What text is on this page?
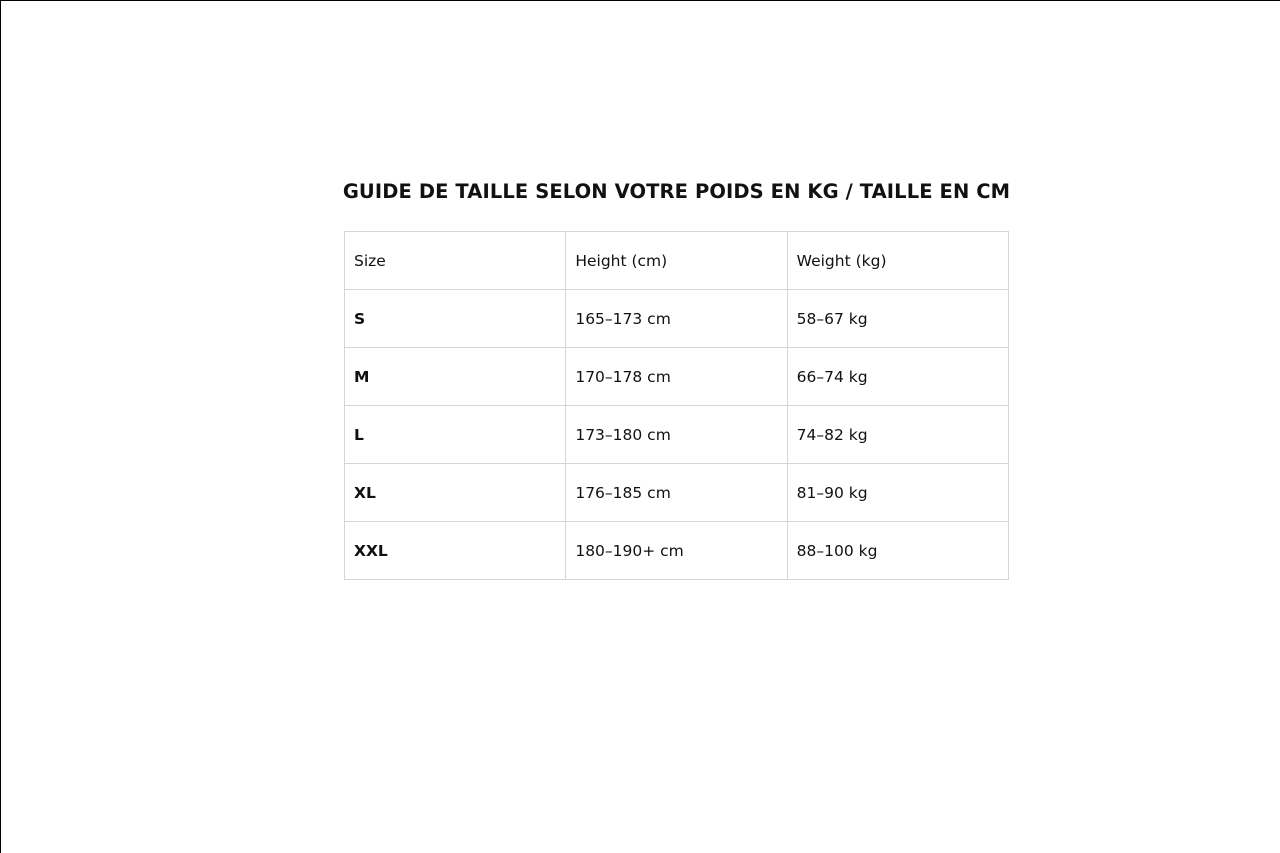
GUIDE DE TAILLE SELON VOTRE POIDS EN KG / TAILLE EN CM
Size	Height (cm)	Weight (kg)
S	165–173 cm	58–67 kg
M	170–178 cm	66–74 kg
L	173–180 cm	74–82 kg
XL	176–185 cm	81–90 kg
XXL	180–190+ cm	88–100 kg
